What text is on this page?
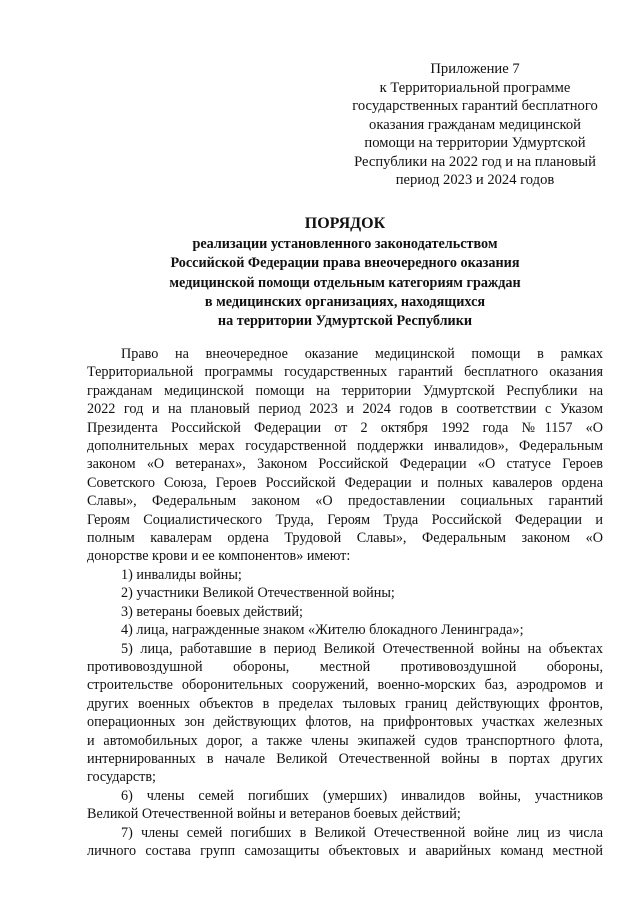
Приложение 7
к Территориальной программе
государственных гарантий бесплатного
оказания гражданам медицинской
помощи на территории Удмуртской
Республики на 2022 год и на плановый
период 2023 и 2024 годов
ПОРЯДОК
реализации установленного законодательством
Российской Федерации права внеочередного оказания
медицинской помощи отдельным категориям граждан
в медицинских организациях, находящихся
на территории Удмуртской Республики
Право на внеочередное оказание медицинской помощи в рамках
Территориальной программы государственных гарантий бесплатного оказания
гражданам медицинской помощи на территории Удмуртской Республики на
2022 год и на плановый период 2023 и 2024 годов в соответствии с Указом
Президента Российской Федерации от 2 октября 1992 года №1157 «О
дополнительных мерах государственной поддержки инвалидов», Федеральным
законом «О ветеранах», Законом Российской Федерации «О статусе Героев
Советского Союза, Героев Российской Федерации и полных кавалеров ордена
Славы», Федеральным законом «О предоставлении социальных гарантий
Героям Социалистического Труда, Героям Труда Российской Федерации и
полным кавалерам ордена Трудовой Славы», Федеральным законом «О
донорстве крови и ее компонентов» имеют:
1) инвалиды войны;
2) участники Великой Отечественной войны;
3) ветераны боевых действий;
4) лица, награжденные знаком «Жителю блокадного Ленинграда»;
5) лица, работавшие в период Великой Отечественной войны на объектах
противовоздушной обороны, местной противовоздушной обороны,
строительстве оборонительных сооружений, военно-морских баз, аэродромов и
других военных объектов в пределах тыловых границ действующих фронтов,
операционных зон действующих флотов, на прифронтовых участках железных
и автомобильных дорог, а также члены экипажей судов транспортного флота,
интернированных в начале Великой Отечественной войны в портах других
государств;
6) члены семей погибших (умерших) инвалидов войны, участников
Великой Отечественной войны и ветеранов боевых действий;
7) члены семей погибших в Великой Отечественной войне лиц из числа
личного состава групп самозащиты объектовых и аварийных команд местной
